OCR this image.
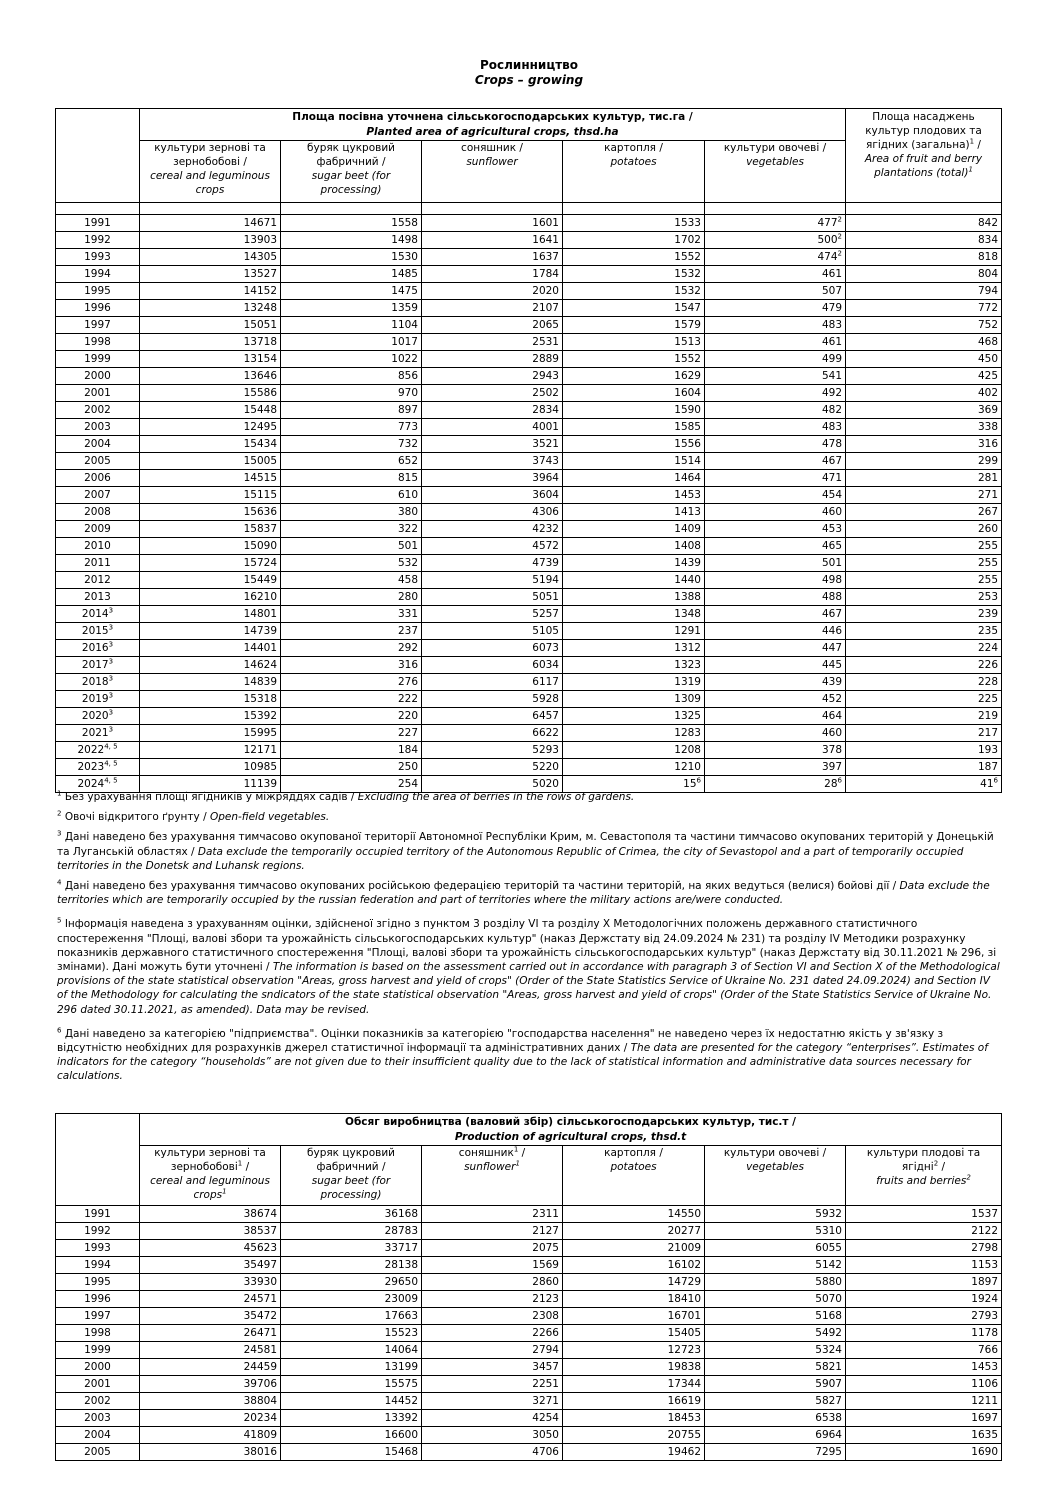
Рослинництво
Crops – growing
	Площа посівна уточнена сільськогосподарських культур, тис.га /
Planted area of agricultural crops, thsd.ha					Площа насаджень культур плодових та ягідних (загальна)$^1$ /
Area of fruit and berry plantations (total)$^1$
	культури зернові та зернобобові /
cereal and leguminous crops	буряк цукровий фабричний /
sugar beet (for processing)	соняшник /
sunflower	картопля /
potatoes	культури овочеві /
vegetables	

1991	14671	1558	1601	1533	$477^2$	842
1992	13903	1498	1641	1702	$500^2$	834
1993	14305	1530	1637	1552	$474^2$	818
1994	13527	1485	1784	1532	461	804
1995	14152	1475	2020	1532	507	794
1996	13248	1359	2107	1547	479	772
1997	15051	1104	2065	1579	483	752
1998	13718	1017	2531	1513	461	468
1999	13154	1022	2889	1552	499	450
2000	13646	856	2943	1629	541	425
2001	15586	970	2502	1604	492	402
2002	15448	897	2834	1590	482	369
2003	12495	773	4001	1585	483	338
2004	15434	732	3521	1556	478	316
2005	15005	652	3743	1514	467	299
2006	14515	815	3964	1464	471	281
2007	15115	610	3604	1453	454	271
2008	15636	380	4306	1413	460	267
2009	15837	322	4232	1409	453	260
2010	15090	501	4572	1408	465	255
2011	15724	532	4739	1439	501	255
2012	15449	458	5194	1440	498	255
2013	16210	280	5051	1388	488	253
2014$^3$	14801	331	5257	1348	467	239
2015$^3$	14739	237	5105	1291	446	235
2016$^3$	14401	292	6073	1312	447	224
2017$^3$	14624	316	6034	1323	445	226
2018$^3$	14839	276	6117	1319	439	228
2019$^3$	15318	222	5928	1309	452	225
2020$^3$	15392	220	6457	1325	464	219
2021$^3$	15995	227	6622	1283	460	217
2022$^{4, 5}$	12171	184	5293	1208	378	193
2023$^{4, 5}$	10985	250	5220	1210	397	187
2024$^{4, 5}$	11139	254	5020	$15^6$	$28^6$	$41^6$

$^1$ Без урахування площі ягідників у міжряддях садів / Excluding the area of berries in the rows of gardens.

$^2$ Овочі відкритого ґрунту / Open-field vegetables.

$^3$ Дані наведено без урахування тимчасово окупованої території Автономної Республіки Крим, м. Севастополя та частини тимчасово окупованих територій у Донецькій та Луганській областях / Data exclude the temporarily occupied territory of the Autonomous Republic of Crimea, the city of Sevastopol and a part of temporarily occupied territories in the Donetsk and Luhansk regions.

$^4$ Дані наведено без урахування тимчасово окупованих російською федерацією територій та частини територій, на яких ведуться (велися) бойові дії / Data exclude the territories which are temporarily occupied by the russian federation and part of territories where the military actions are/were conducted.

$^5$ Інформація наведена з урахуванням оцінки, здійсненої згідно з пунктом 3 розділу VI та розділу X Методологічних положень державного статистичного спостереження "Площі, валові збори та урожайність сільськогосподарських культур" (наказ Держстату від 24.09.2024 № 231) та розділу IV Методики розрахунку показників державного статистичного спостереження "Площі, валові збори та урожайність сільськогосподарських культур" (наказ Держстату від 30.11.2021 № 296, зі змінами). Дані можуть бути уточнені / The information is based on the assessment carried out in accordance with paragraph 3 of Section VI and Section X of the Methodological provisions of the state statistical observation "Areas, gross harvest and yield of crops" (Order of the State Statistics Service of Ukraine No. 231 dated 24.09.2024) and Section IV of the Methodology for calculating the sndicators of the state statistical observation "Areas, gross harvest and yield of crops" (Order of the State Statistics Service of Ukraine No. 296 dated 30.11.2021, as amended). Data may be revised.

$^6$ Дані наведено за категорією "підприємства". Оцінки показників за категорією "господарства населення" не наведено через їх недостатню якість у зв'язку з відсутністю необхідних для розрахунків джерел статистичної інформації та адміністративних даних / The data are presented for the category “enterprises”. Estimates of indicators for the category “households” are not given due to their insufficient quality due to the lack of statistical information and administrative data sources necessary for calculations.

	Обсяг виробництва (валовий збір) сільськогосподарських культур, тис.т /
Production of agricultural crops, thsd.t					
	культури зернові та зернобобові$^1$ /
cereal and leguminous crops$^1$	буряк цукровий фабричний /
sugar beet (for processing)	соняшник$^1$ /
sunflower$^1$	картопля /
potatoes	культури овочеві /
vegetables	культури плодові та ягідні$^2$ /
fruits and berries$^2$
1991	38674	36168	2311	14550	5932	1537
1992	38537	28783	2127	20277	5310	2122
1993	45623	33717	2075	21009	6055	2798
1994	35497	28138	1569	16102	5142	1153
1995	33930	29650	2860	14729	5880	1897
1996	24571	23009	2123	18410	5070	1924
1997	35472	17663	2308	16701	5168	2793
1998	26471	15523	2266	15405	5492	1178
1999	24581	14064	2794	12723	5324	766
2000	24459	13199	3457	19838	5821	1453
2001	39706	15575	2251	17344	5907	1106
2002	38804	14452	3271	16619	5827	1211
2003	20234	13392	4254	18453	6538	1697
2004	41809	16600	3050	20755	6964	1635
2005	38016	15468	4706	19462	7295	1690
